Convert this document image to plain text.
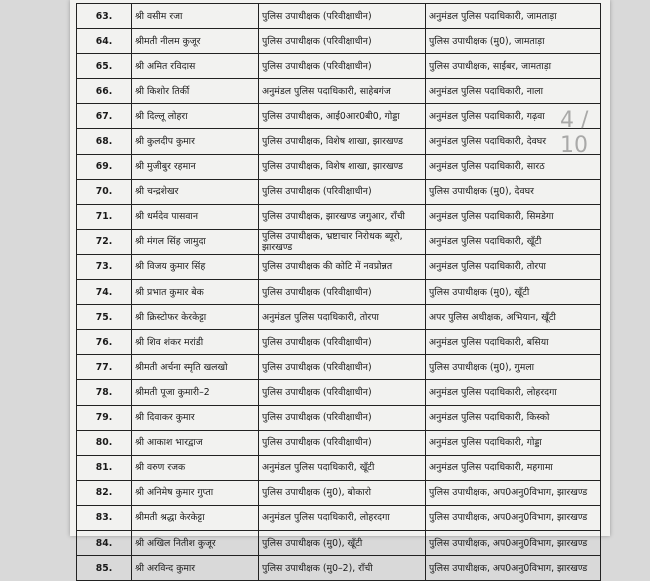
63.	श्री वसीम रजा	पुलिस उपाधीक्षक (परिवीक्षाधीन)	अनुमंडल पुलिस पदाधिकारी, जामताड़ा
64.	श्रीमती नीलम कुजूर	पुलिस उपाधीक्षक (परिवीक्षाधीन)	पुलिस उपाधीक्षक (मु0), जामताड़ा
65.	श्री अमित रविदास	पुलिस उपाधीक्षक (परिवीक्षाधीन)	पुलिस उपाधीक्षक, साईबर, जामताड़ा
66.	श्री किशोर तिर्की	अनुमंडल पुलिस पदाधिकारी, साहेबगंज	अनुमंडल पुलिस पदाधिकारी, नाला
67.	श्री दिल्लू लोहरा	पुलिस उपाधीक्षक, आई0आर0बी0, गोड्डा	अनुमंडल पुलिस पदाधिकारी, गढ़वा
68.	श्री कुलदीप कुमार	पुलिस उपाधीक्षक, विशेष शाखा, झारखण्ड	अनुमंडल पुलिस पदाधिकारी, देवघर
69.	श्री मुजीबुर रहमान	पुलिस उपाधीक्षक, विशेष शाखा, झारखण्ड	अनुमंडल पुलिस पदाधिकारी, सारठ
70.	श्री चन्द्रशेखर	पुलिस उपाधीक्षक (परिवीक्षाधीन)	पुलिस उपाधीक्षक (मु0), देवघर
71.	श्री धर्मदेव पासवान	पुलिस उपाधीक्षक, झारखण्ड जगुआर, राँची	अनुमंडल पुलिस पदाधिकारी, सिमडेगा
72.	श्री मंगल सिंह जामुदा	पुलिस उपाधीक्षक, भ्रष्टाचार निरोधक ब्यूरो, झारखण्ड	अनुमंडल पुलिस पदाधिकारी, खूँटी
73.	श्री विजय कुमार सिंह	पुलिस उपाधीक्षक की कोटि में नवप्रोन्नत	अनुमंडल पुलिस पदाधिकारी, तोरपा
74.	श्री प्रभात कुमार बेक	पुलिस उपाधीक्षक (परिवीक्षाधीन)	पुलिस उपाधीक्षक (मु0), खूँटी
75.	श्री क्रिस्टोफर केरकेट्टा	अनुमंडल पुलिस पदाधिकारी, तोरपा	अपर पुलिस अधीक्षक, अभियान, खूँटी
76.	श्री शिव शंकर मरांडी	पुलिस उपाधीक्षक (परिवीक्षाधीन)	अनुमंडल पुलिस पदाधिकारी, बसिया
77.	श्रीमती अर्चना स्मृति खलखो	पुलिस उपाधीक्षक (परिवीक्षाधीन)	पुलिस उपाधीक्षक (मु0), गुमला
78.	श्रीमती पूजा कुमारी–2	पुलिस उपाधीक्षक (परिवीक्षाधीन)	अनुमंडल पुलिस पदाधिकारी, लोहरदगा
79.	श्री दिवाकर कुमार	पुलिस उपाधीक्षक (परिवीक्षाधीन)	अनुमंडल पुलिस पदाधिकारी, किस्को
80.	श्री आकाश भारद्वाज	पुलिस उपाधीक्षक (परिवीक्षाधीन)	अनुमंडल पुलिस पदाधिकारी, गोड्डा
81.	श्री वरुण रजक	अनुमंडल पुलिस पदाधिकारी, खूँटी	अनुमंडल पुलिस पदाधिकारी, महगामा
82.	श्री अनिमेष कुमार गुप्ता	पुलिस उपाधीक्षक (मु0), बोकारो	पुलिस उपाधीक्षक, अप0अनु0विभाग, झारखण्ड
83.	श्रीमती श्रद्धा केरकेट्टा	अनुमंडल पुलिस पदाधिकारी, लोहरदगा	पुलिस उपाधीक्षक, अप0अनु0विभाग, झारखण्ड
84.	श्री अखिल नितीश कुजूर	पुलिस उपाधीक्षक (मु0), खूँटी	पुलिस उपाधीक्षक, अप0अनु0विभाग, झारखण्ड
85.	श्री अरविन्द कुमार	पुलिस उपाधीक्षक (मु0–2), राँची	पुलिस उपाधीक्षक, अप0अनु0विभाग, झारखण्ड
4 / 10
